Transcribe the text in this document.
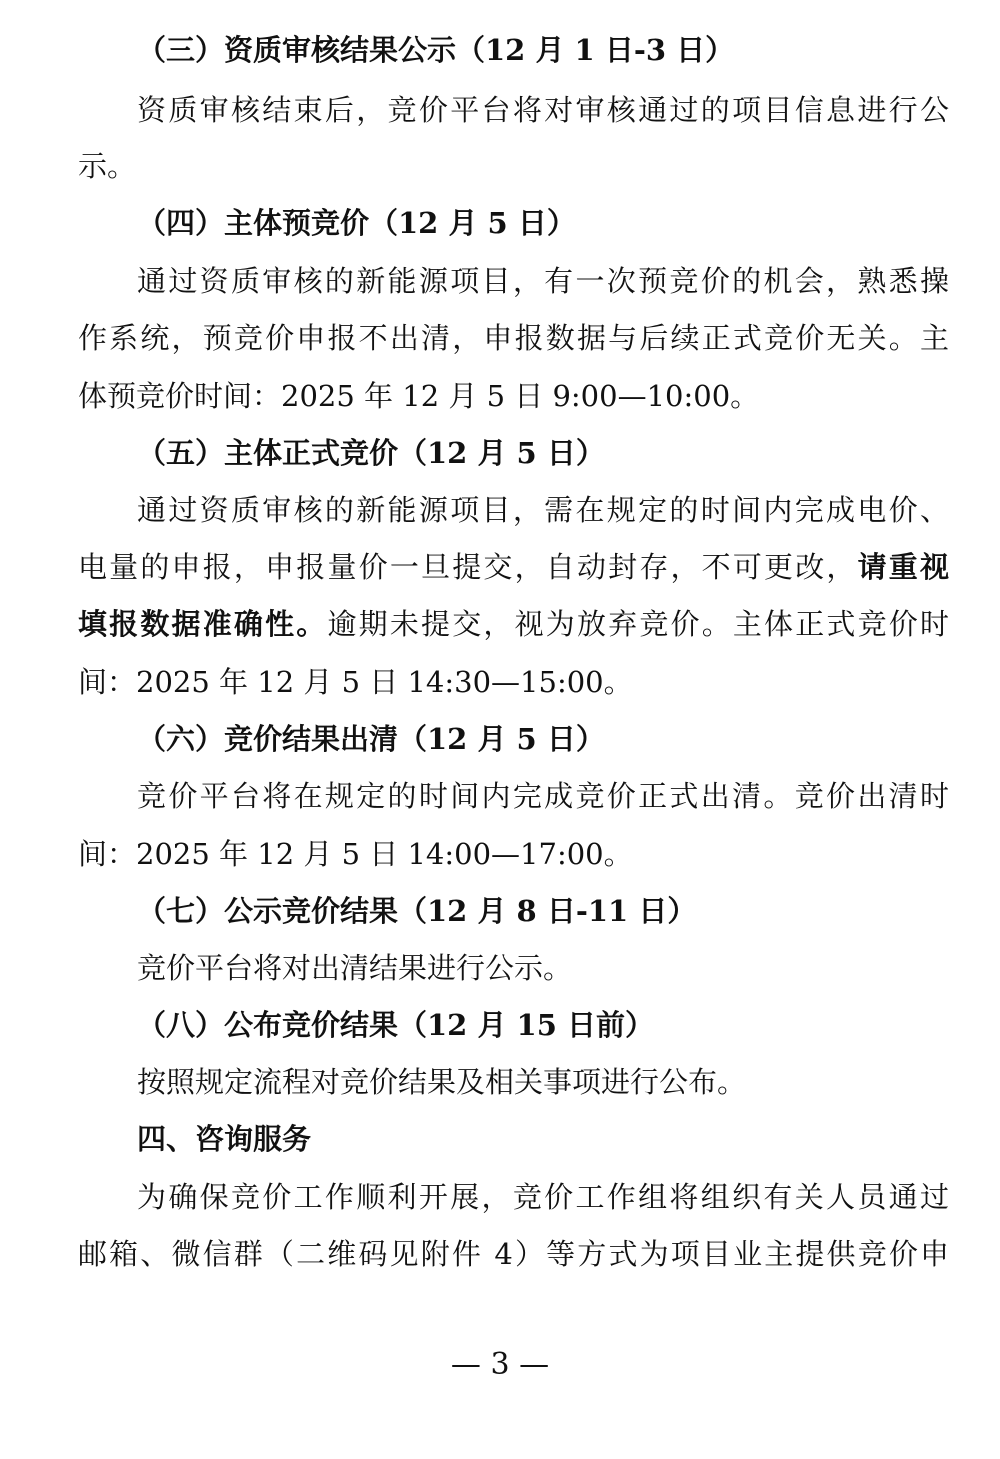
（三）资质审核结果公示（12 月 1 日-3 日）
资质审核结束后，竞价平台将对审核通过的项目信息进行公
示。
（四）主体预竞价（12 月 5 日）
通过资质审核的新能源项目，有一次预竞价的机会，熟悉操
作系统，预竞价申报不出清，申报数据与后续正式竞价无关。主
体预竞价时间：2025 年 12 月 5 日 9:00—10:00。
（五）主体正式竞价（12 月 5 日）
通过资质审核的新能源项目，需在规定的时间内完成电价、
电量的申报，申报量价一旦提交，自动封存，不可更改，请重视
填报数据准确性。逾期未提交，视为放弃竞价。主体正式竞价时
间：2025 年 12 月 5 日 14:30—15:00。
（六）竞价结果出清（12 月 5 日）
竞价平台将在规定的时间内完成竞价正式出清。竞价出清时
间：2025 年 12 月 5 日 14:00—17:00。
（七）公示竞价结果（12 月 8 日-11 日）
竞价平台将对出清结果进行公示。
（八）公布竞价结果（12 月 15 日前）
按照规定流程对竞价结果及相关事项进行公布。
四、咨询服务
为确保竞价工作顺利开展，竞价工作组将组织有关人员通过
邮箱、微信群（二维码见附件 4）等方式为项目业主提供竞价申
— 3 —
